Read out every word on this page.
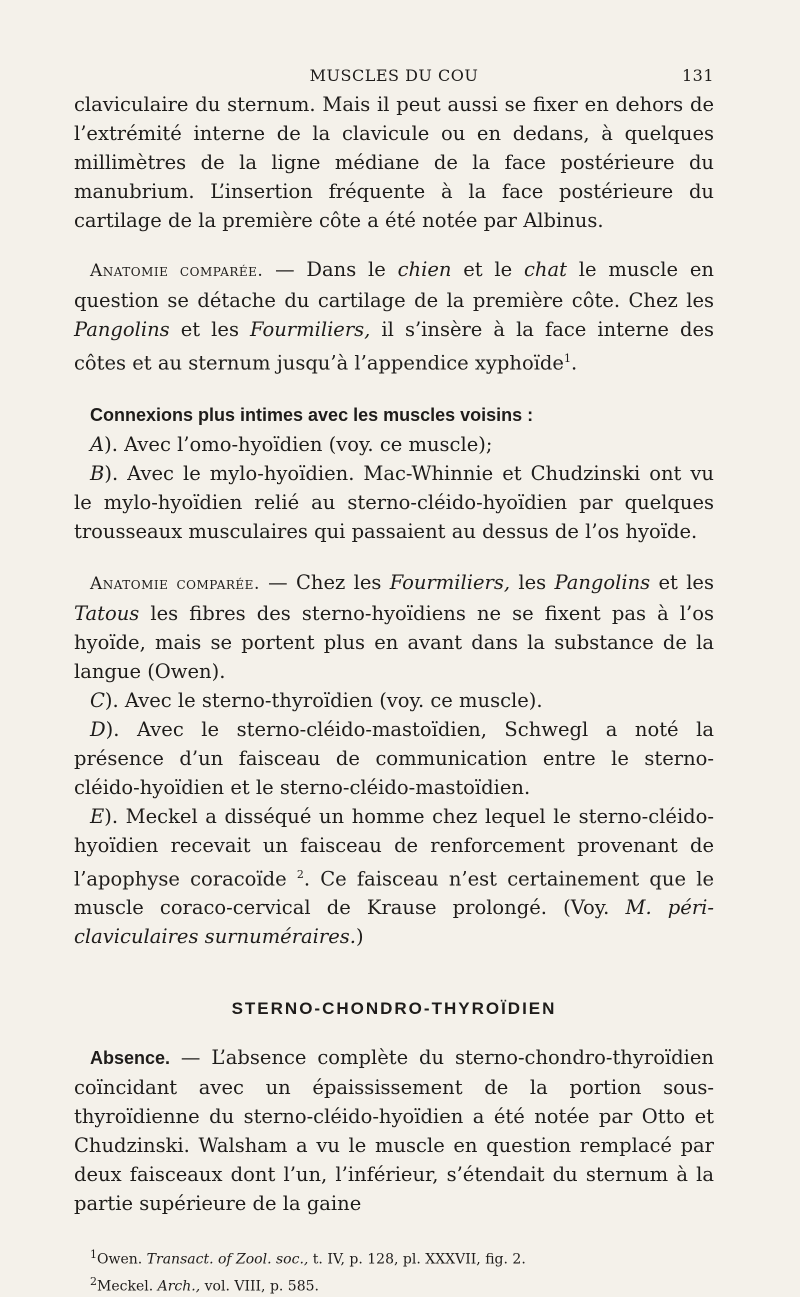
MUSCLES DU COU	131

claviculaire du sternum. Mais il peut aussi se fixer en dehors de l’extrémité interne de la clavicule ou en dedans, à quelques millimètres de la ligne médiane de la face postérieure du manubrium. L’insertion fréquente à la face postérieure du cartilage de la première côte a été notée par Albinus.

Anatomie comparée. — Dans le chien et le chat le muscle en question se détache du cartilage de la première côte. Chez les Pangolins et les Fourmiliers, il s’insère à la face interne des côtes et au sternum jusqu’à l’appendice xyphoïde$^1$.

Connexions plus intimes avec les muscles voisins :

A). Avec l’omo-hyoïdien (voy. ce muscle);

B). Avec le mylo-hyoïdien. Mac-Whinnie et Chudzinski ont vu le mylo-hyoïdien relié au sterno-cléido-hyoïdien par quelques trousseaux musculaires qui passaient au dessus de l’os hyoïde.

Anatomie comparée. — Chez les Fourmiliers, les Pangolins et les Tatous les fibres des sterno-hyoïdiens ne se fixent pas à l’os hyoïde, mais se portent plus en avant dans la substance de la langue (Owen).

C). Avec le sterno-thyroïdien (voy. ce muscle).

D). Avec le sterno-cléido-mastoïdien, Schwegl a noté la présence d’un faisceau de communication entre le sterno-cléido-hyoïdien et le sterno-cléido-mastoïdien.

E). Meckel a disséqué un homme chez lequel le sterno-cléido-hyoïdien recevait un faisceau de renforcement provenant de l’apophyse coracoïde $^2$. Ce faisceau n’est certainement que le muscle coraco-cervical de Krause prolongé. (Voy. M. péri-claviculaires surnuméraires.)

STERNO-CHONDRO-THYROÏDIEN

Absence. — L’absence complète du sterno-chondro-thyroïdien coïncidant avec un épaississement de la portion sous-thyroïdienne du sterno-cléido-hyoïdien a été notée par Otto et Chudzinski. Walsham a vu le muscle en question remplacé par deux faisceaux dont l’un, l’inférieur, s’étendait du sternum à la partie supérieure de la gaine

$^1$Owen. Transact. of Zool. soc., t. IV, p. 128, pl. XXXVII, fig. 2.
$^2$Meckel. Arch., vol. VIII, p. 585.
